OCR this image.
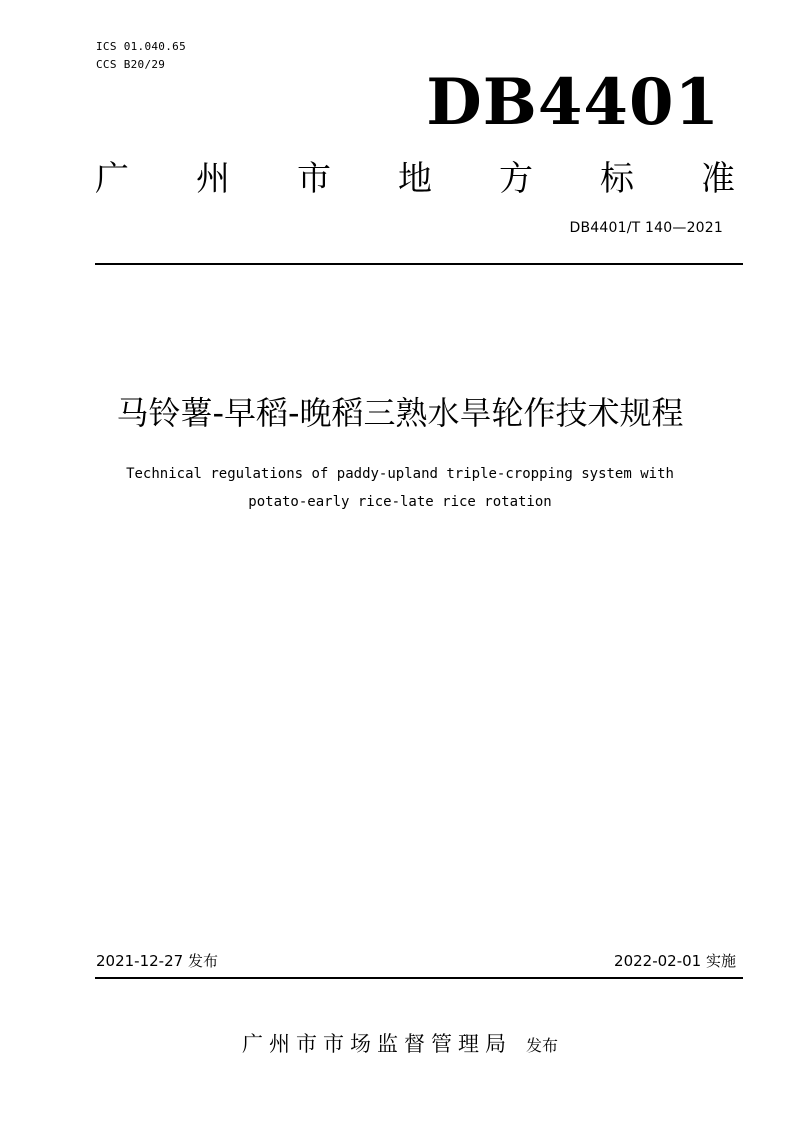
ICS 01.040.65
CCS B20/29
DB4401
广 州 市 地 方 标 准
DB4401/T 140—2021
马铃薯-早稻-晚稻三熟水旱轮作技术规程
Technical regulations of paddy-upland triple-cropping system with
potato-early rice-late rice rotation
2021-12-27 发布	2022-02-01 实施
广州市市场监督管理局 发布
